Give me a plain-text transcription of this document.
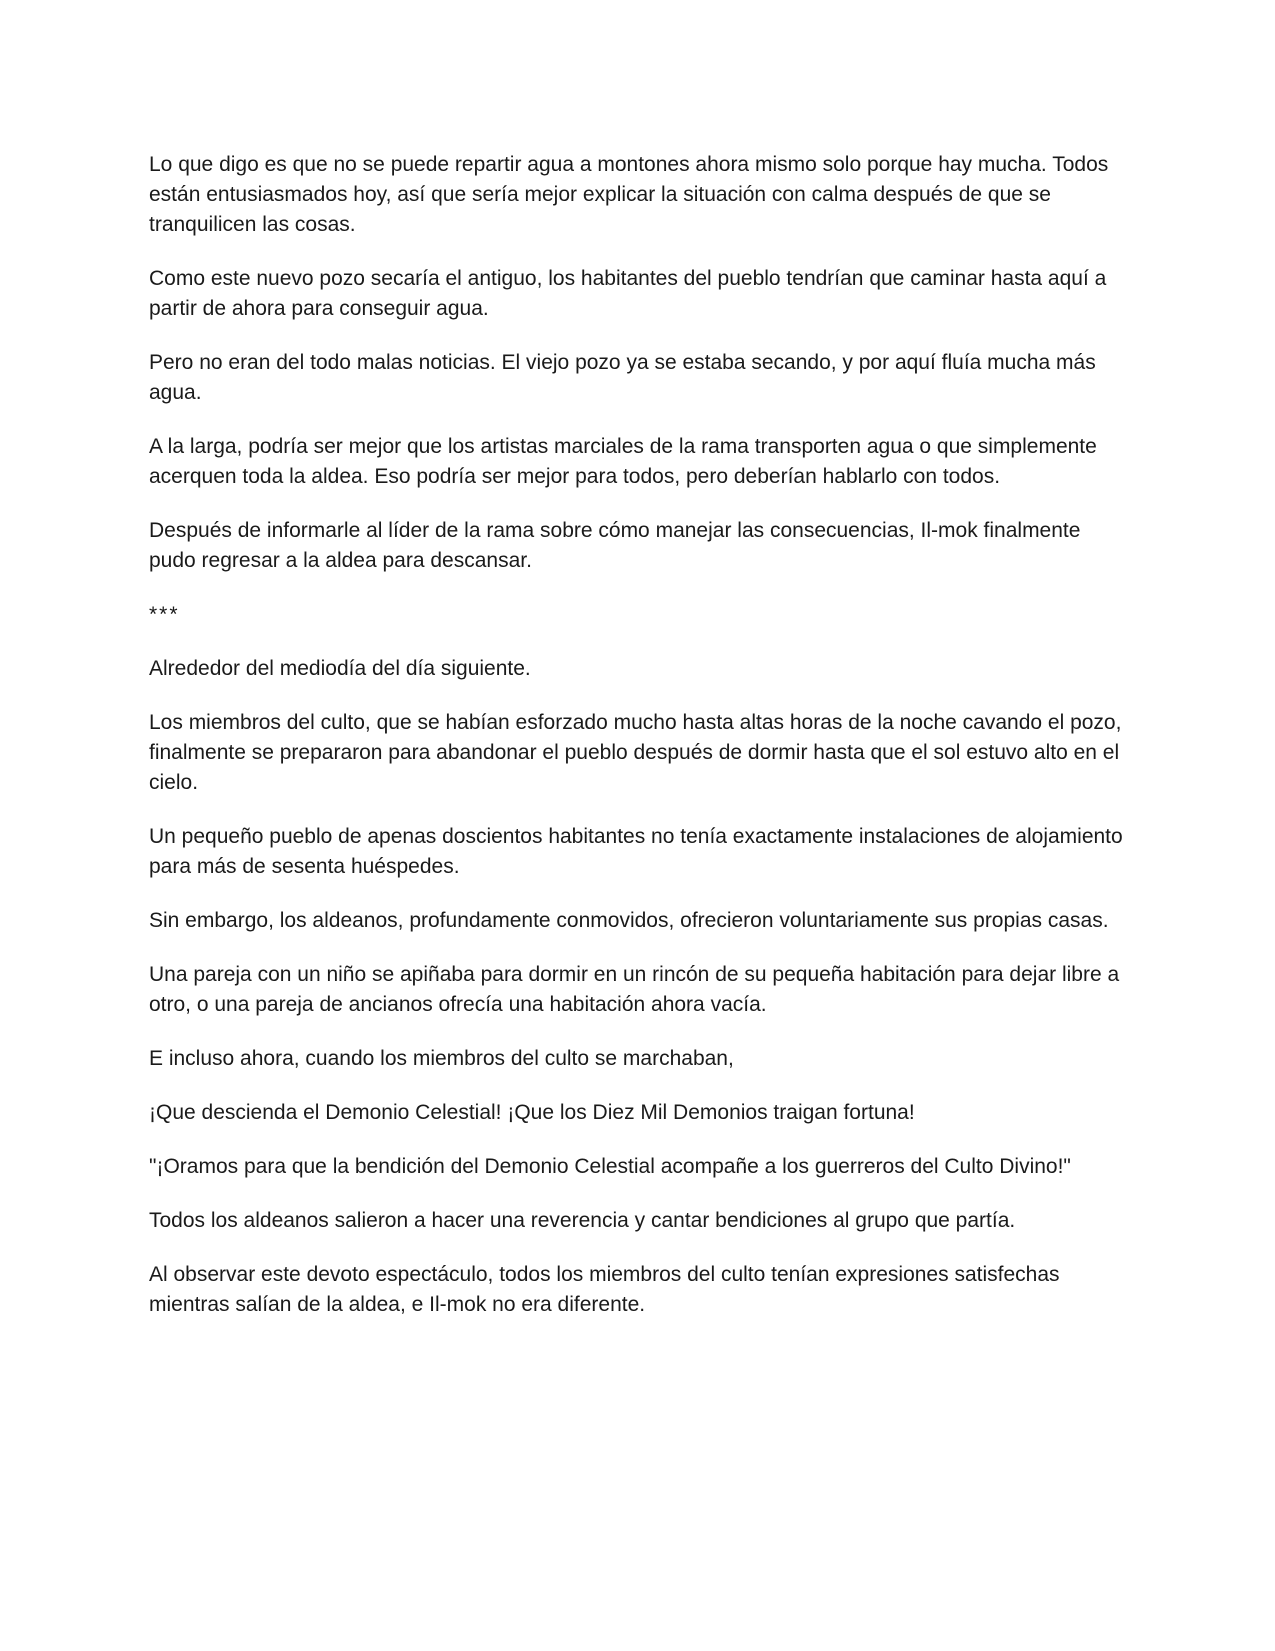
Lo que digo es que no se puede repartir agua a montones ahora mismo solo porque hay mucha. Todos están entusiasmados hoy, así que sería mejor explicar la situación con calma después de que se tranquilicen las cosas.

Como este nuevo pozo secaría el antiguo, los habitantes del pueblo tendrían que caminar hasta aquí a partir de ahora para conseguir agua.

Pero no eran del todo malas noticias. El viejo pozo ya se estaba secando, y por aquí fluía mucha más agua.

A la larga, podría ser mejor que los artistas marciales de la rama transporten agua o que simplemente acerquen toda la aldea. Eso podría ser mejor para todos, pero deberían hablarlo con todos.

Después de informarle al líder de la rama sobre cómo manejar las consecuencias, Il-mok finalmente pudo regresar a la aldea para descansar.

***

Alrededor del mediodía del día siguiente.

Los miembros del culto, que se habían esforzado mucho hasta altas horas de la noche cavando el pozo, finalmente se prepararon para abandonar el pueblo después de dormir hasta que el sol estuvo alto en el cielo.

Un pequeño pueblo de apenas doscientos habitantes no tenía exactamente instalaciones de alojamiento para más de sesenta huéspedes.

Sin embargo, los aldeanos, profundamente conmovidos, ofrecieron voluntariamente sus propias casas.

Una pareja con un niño se apiñaba para dormir en un rincón de su pequeña habitación para dejar libre a otro, o una pareja de ancianos ofrecía una habitación ahora vacía.

E incluso ahora, cuando los miembros del culto se marchaban,

¡Que descienda el Demonio Celestial! ¡Que los Diez Mil Demonios traigan fortuna!

"¡Oramos para que la bendición del Demonio Celestial acompañe a los guerreros del Culto Divino!"

Todos los aldeanos salieron a hacer una reverencia y cantar bendiciones al grupo que partía.

Al observar este devoto espectáculo, todos los miembros del culto tenían expresiones satisfechas mientras salían de la aldea, e Il-mok no era diferente.
